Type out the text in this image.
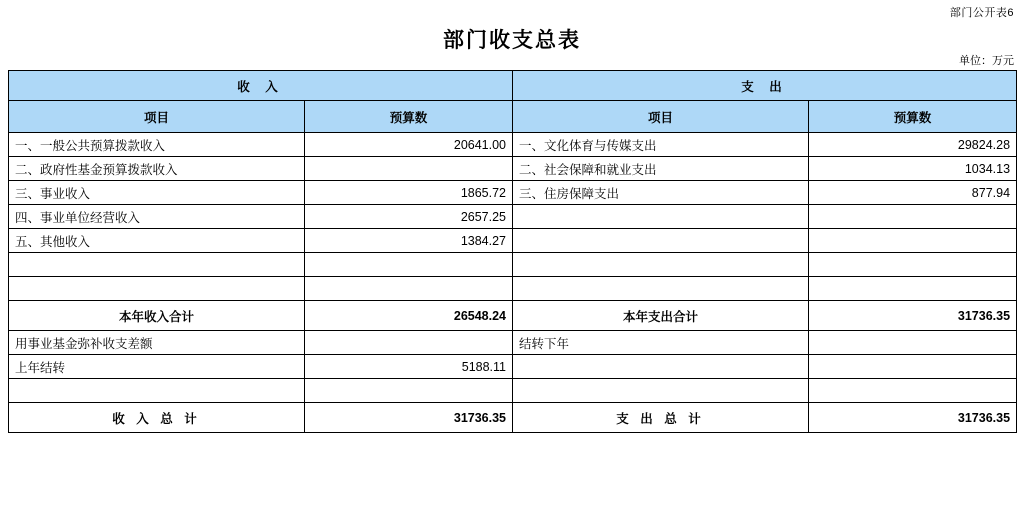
部门公开表6
部门收支总表
单位：万元
收 入		支 出	
项目	预算数	项目	预算数
一、一般公共预算拨款收入	20641.00	一、文化体育与传媒支出	29824.28
二、政府性基金预算拨款收入		二、社会保障和就业支出	1034.13
三、事业收入	1865.72	三、住房保障支出	877.94
四、事业单位经营收入	2657.25		
五、其他收入	1384.27		

本年收入合计	26548.24	本年支出合计	31736.35
用事业基金弥补收支差额		结转下年	
上年结转	5188.11		

收 入 总 计	31736.35	支 出 总 计	31736.35
